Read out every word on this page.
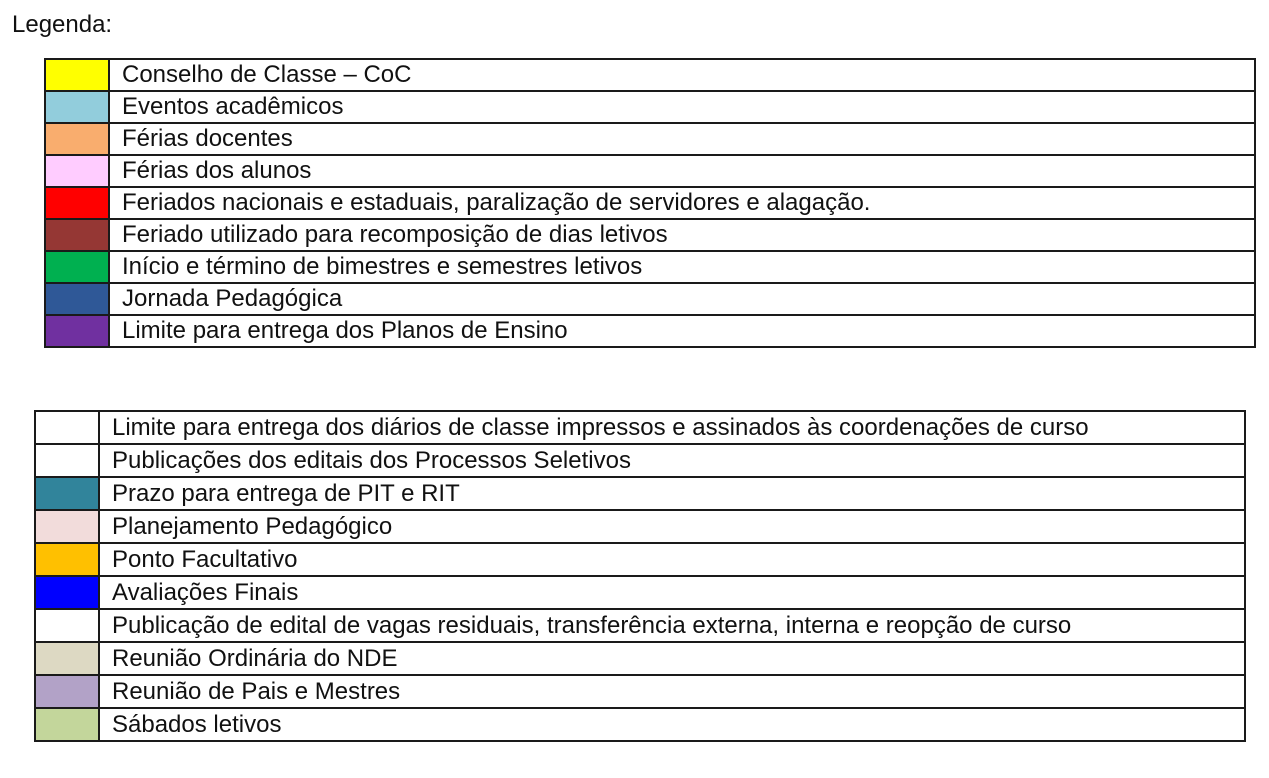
Legenda:
	Conselho de Classe – CoC
	Eventos acadêmicos
	Férias docentes
	Férias dos alunos
	Feriados nacionais e estaduais, paralização de servidores e alagação.
	Feriado utilizado para recomposição de dias letivos
	Início e término de bimestres e semestres letivos
	Jornada Pedagógica
	Limite para entrega dos Planos de Ensino
	Limite para entrega dos diários de classe impressos e assinados às coordenações de curso
	Publicações dos editais dos Processos Seletivos
	Prazo para entrega de PIT e RIT
	Planejamento Pedagógico
	Ponto Facultativo
	Avaliações Finais
	Publicação de edital de vagas residuais, transferência externa, interna e reopção de curso
	Reunião Ordinária do NDE
	Reunião de Pais e Mestres
	Sábados letivos
